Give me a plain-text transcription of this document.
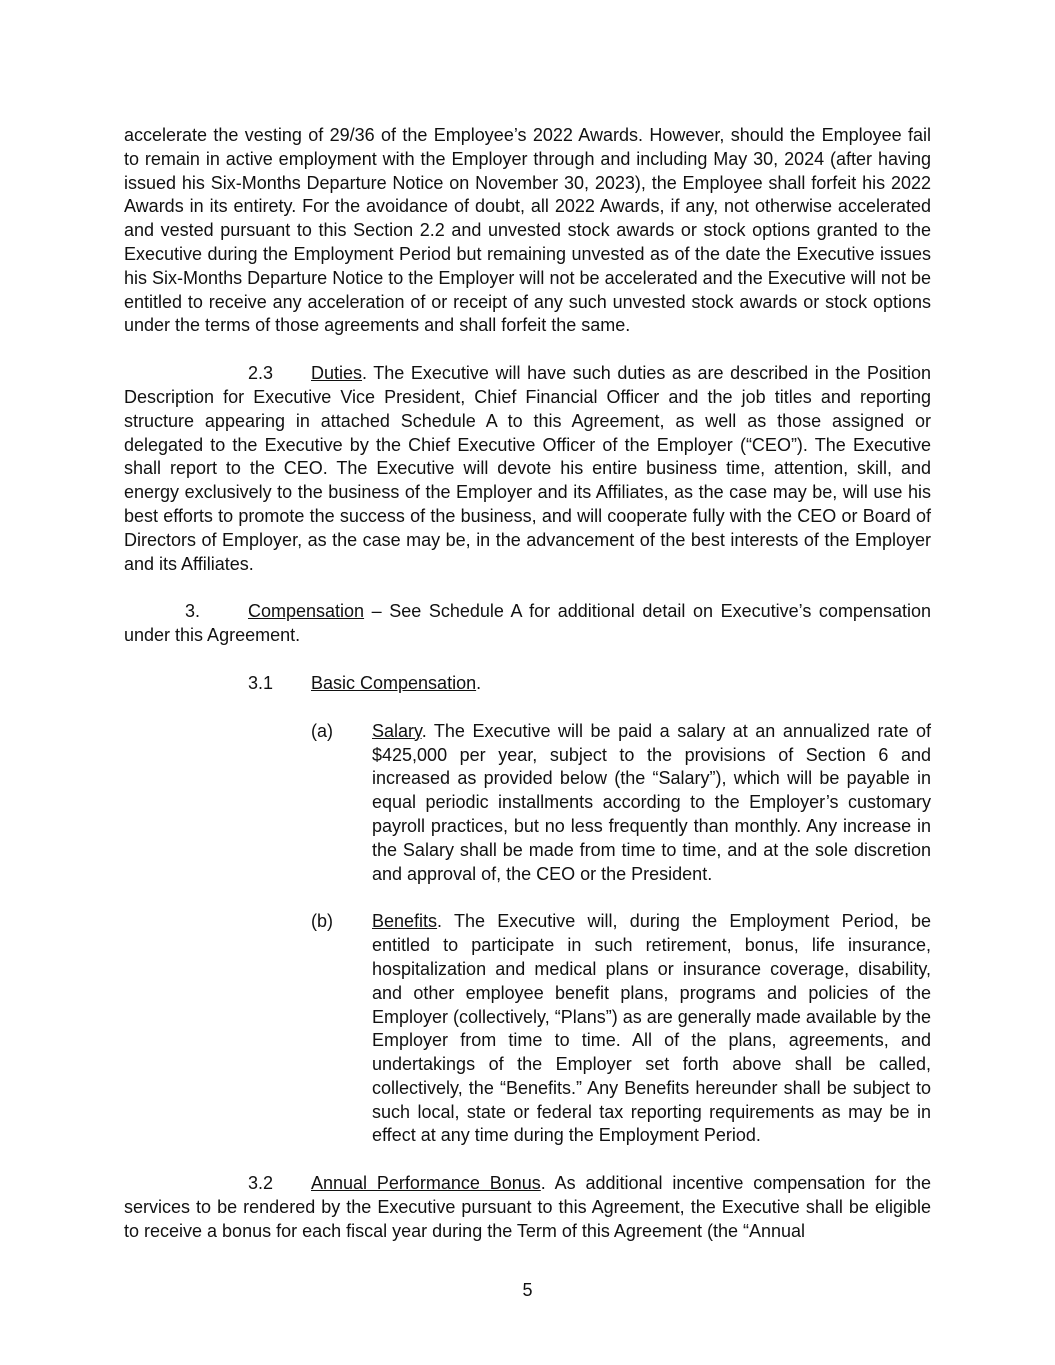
accelerate the vesting of 29/36 of the Employee’s 2022 Awards. However, should the Employee fail to remain in active employment with the Employer through and including May 30, 2024 (after having issued his Six-Months Departure Notice on November 30, 2023), the Employee shall forfeit his 2022 Awards in its entirety. For the avoidance of doubt, all 2022 Awards, if any, not otherwise accelerated and vested pursuant to this Section 2.2 and unvested stock awards or stock options granted to the Executive during the Employment Period but remaining unvested as of the date the Executive issues his Six-Months Departure Notice to the Employer will not be accelerated and the Executive will not be entitled to receive any acceleration of or receipt of any such unvested stock awards or stock options under the terms of those agreements and shall forfeit the same.

2.3 Duties. The Executive will have such duties as are described in the Position Description for Executive Vice President, Chief Financial Officer and the job titles and reporting structure appearing in attached Schedule A to this Agreement, as well as those assigned or delegated to the Executive by the Chief Executive Officer of the Employer (“CEO”). The Executive shall report to the CEO. The Executive will devote his entire business time, attention, skill, and energy exclusively to the business of the Employer and its Affiliates, as the case may be, will use his best efforts to promote the success of the business, and will cooperate fully with the CEO or Board of Directors of Employer, as the case may be, in the advancement of the best interests of the Employer and its Affiliates.

3.	Compensation – See Schedule A for additional detail on Executive’s compensation under this Agreement.

3.1 Basic Compensation.
(a) Salary. The Executive will be paid a salary at an annualized rate of $425,000 per year, subject to the provisions of Section 6 and increased as provided below (the “Salary”), which will be payable in equal periodic installments according to the Employer’s customary payroll practices, but no less frequently than monthly. Any increase in the Salary shall be made from time to time, and at the sole discretion and approval of, the CEO or the President.

(b) Benefits. The Executive will, during the Employment Period, be entitled to participate in such retirement, bonus, life insurance, hospitalization and medical plans or insurance coverage, disability, and other employee benefit plans, programs and policies of the Employer (collectively, “Plans”) as are generally made available by the Employer from time to time. All of the plans, agreements, and undertakings of the Employer set forth above shall be called, collectively, the “Benefits.” Any Benefits hereunder shall be subject to such local, state or federal tax reporting requirements as may be in effect at any time during the Employment Period.

3.2 Annual Performance Bonus. As additional incentive compensation for the services to be rendered by the Executive pursuant to this Agreement, the Executive shall be eligible to receive a bonus for each fiscal year during the Term of this Agreement (the “Annual

5
